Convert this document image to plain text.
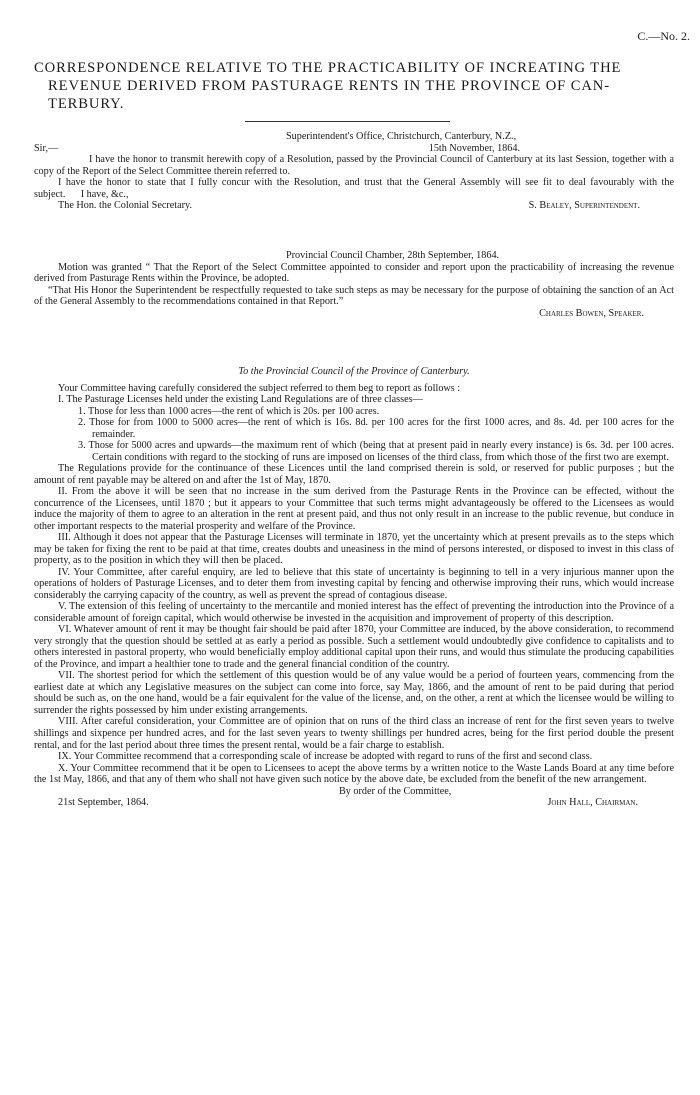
C.—No. 2.
CORRESPONDENCE RELATIVE TO THE PRACTICABILITY OF INCREATING THE
REVENUE DERIVED FROM PASTURAGE RENTS IN THE PROVINCE OF CAN-
TERBURY.

Superintendent's Office, Christchurch, Canterbury, N.Z.,

Sir,—	15th November, 1864.

I have the honor to transmit herewith copy of a Resolution, passed by the Provincial Council of Canterbury at its last Session, together with a copy of the Report of the Select Committee therein referred to.

I have the honor to state that I fully concur with the Resolution, and trust that the General Assembly will see fit to deal favourably with the subject. I have, &c.,

The Hon. the Colonial Secretary.	S. Bealey, Superintendent.

Provincial Council Chamber, 28th September, 1864.

Motion was granted “ That the Report of the Select Committee appointed to consider and report upon the practicability of increasing the revenue derived from Pasturage Rents within the Province, be adopted.

“That His Honor the Superintendent be respectfully requested to take such steps as may be necessary for the purpose of obtaining the sanction of an Act of the General Assembly to the recommendations contained in that Report.”

Charles Bowen, Speaker.

To the Provincial Council of the Province of Canterbury.

Your Committee having carefully considered the subject referred to them beg to report as follows :

I. The Pasturage Licenses held under the existing Land Regulations are of three classes—

1. Those for less than 1000 acres—the rent of which is 20s. per 100 acres.

2. Those for from 1000 to 5000 acres—the rent of which is 16s. 8d. per 100 acres for the first 1000 acres, and 8s. 4d. per 100 acres for the remainder.

3. Those for 5000 acres and upwards—the maximum rent of which (being that at present paid in nearly every instance) is 6s. 3d. per 100 acres. Certain conditions with regard to the stocking of runs are imposed on licenses of the third class, from which those of the first two are exempt.

The Regulations provide for the continuance of these Licences until the land comprised therein is sold, or reserved for public purposes ; but the amount of rent payable may be altered on and after the 1st of May, 1870.

II. From the above it will be seen that no increase in the sum derived from the Pasturage Rents in the Province can be effected, without the concurrence of the Licensees, until 1870 ; but it appears to your Committee that such terms might advantageously be offered to the Licensees as would induce the majority of them to agree to an alteration in the rent at present paid, and thus not only result in an increase to the public revenue, but conduce in other important respects to the material prosperity and welfare of the Province.

III. Although it does not appear that the Pasturage Licenses will terminate in 1870, yet the uncertainty which at present prevails as to the steps which may be taken for fixing the rent to be paid at that time, creates doubts and uneasiness in the mind of persons interested, or disposed to invest in this class of property, as to the position in which they will then be placed.

IV. Your Committee, after careful enquiry, are led to believe that this state of uncertainty is beginning to tell in a very injurious manner upon the operations of holders of Pasturage Licenses, and to deter them from investing capital by fencing and otherwise improving their runs, which would increase considerably the carrying capacity of the country, as well as prevent the spread of contagious disease.

V. The extension of this feeling of uncertainty to the mercantile and monied interest has the effect of preventing the introduction into the Province of a considerable amount of foreign capital, which would otherwise be invested in the acquisition and improvement of property of this description.

VI. Whatever amount of rent it may be thought fair should be paid after 1870, your Committee are induced, by the above consideration, to recommend very strongly that the question should be settled at as early a period as possible. Such a settlement would undoubtedly give confidence to capitalists and to others interested in pastoral property, who would beneficially employ additional capital upon their runs, and would thus stimulate the producing capabilities of the Province, and impart a healthier tone to trade and the general financial condition of the country.

VII. The shortest period for which the settlement of this question would be of any value would be a period of fourteen years, commencing from the earliest date at which any Legislative measures on the subject can come into force, say May, 1866, and the amount of rent to be paid during that period should be such as, on the one hand, would be a fair equivalent for the value of the license, and, on the other, a rent at which the licensee would be willing to surrender the rights possessed by him under existing arrangements.

VIII. After careful consideration, your Committee are of opinion that on runs of the third class an increase of rent for the first seven years to twelve shillings and sixpence per hundred acres, and for the last seven years to twenty shillings per hundred acres, being for the first period double the present rental, and for the last period about three times the present rental, would be a fair charge to establish.

IX. Your Committee recommend that a corresponding scale of increase be adopted with regard to runs of the first and second class.

X. Your Committee recommend that it be open to Licensees to acept the above terms by a written notice to the Waste Lands Board at any time before the 1st May, 1866, and that any of them who shall not have given such notice by the above date, be excluded from the benefit of the new arrangement.

By order of the Committee,

21st September, 1864.	John Hall, Chairman.
